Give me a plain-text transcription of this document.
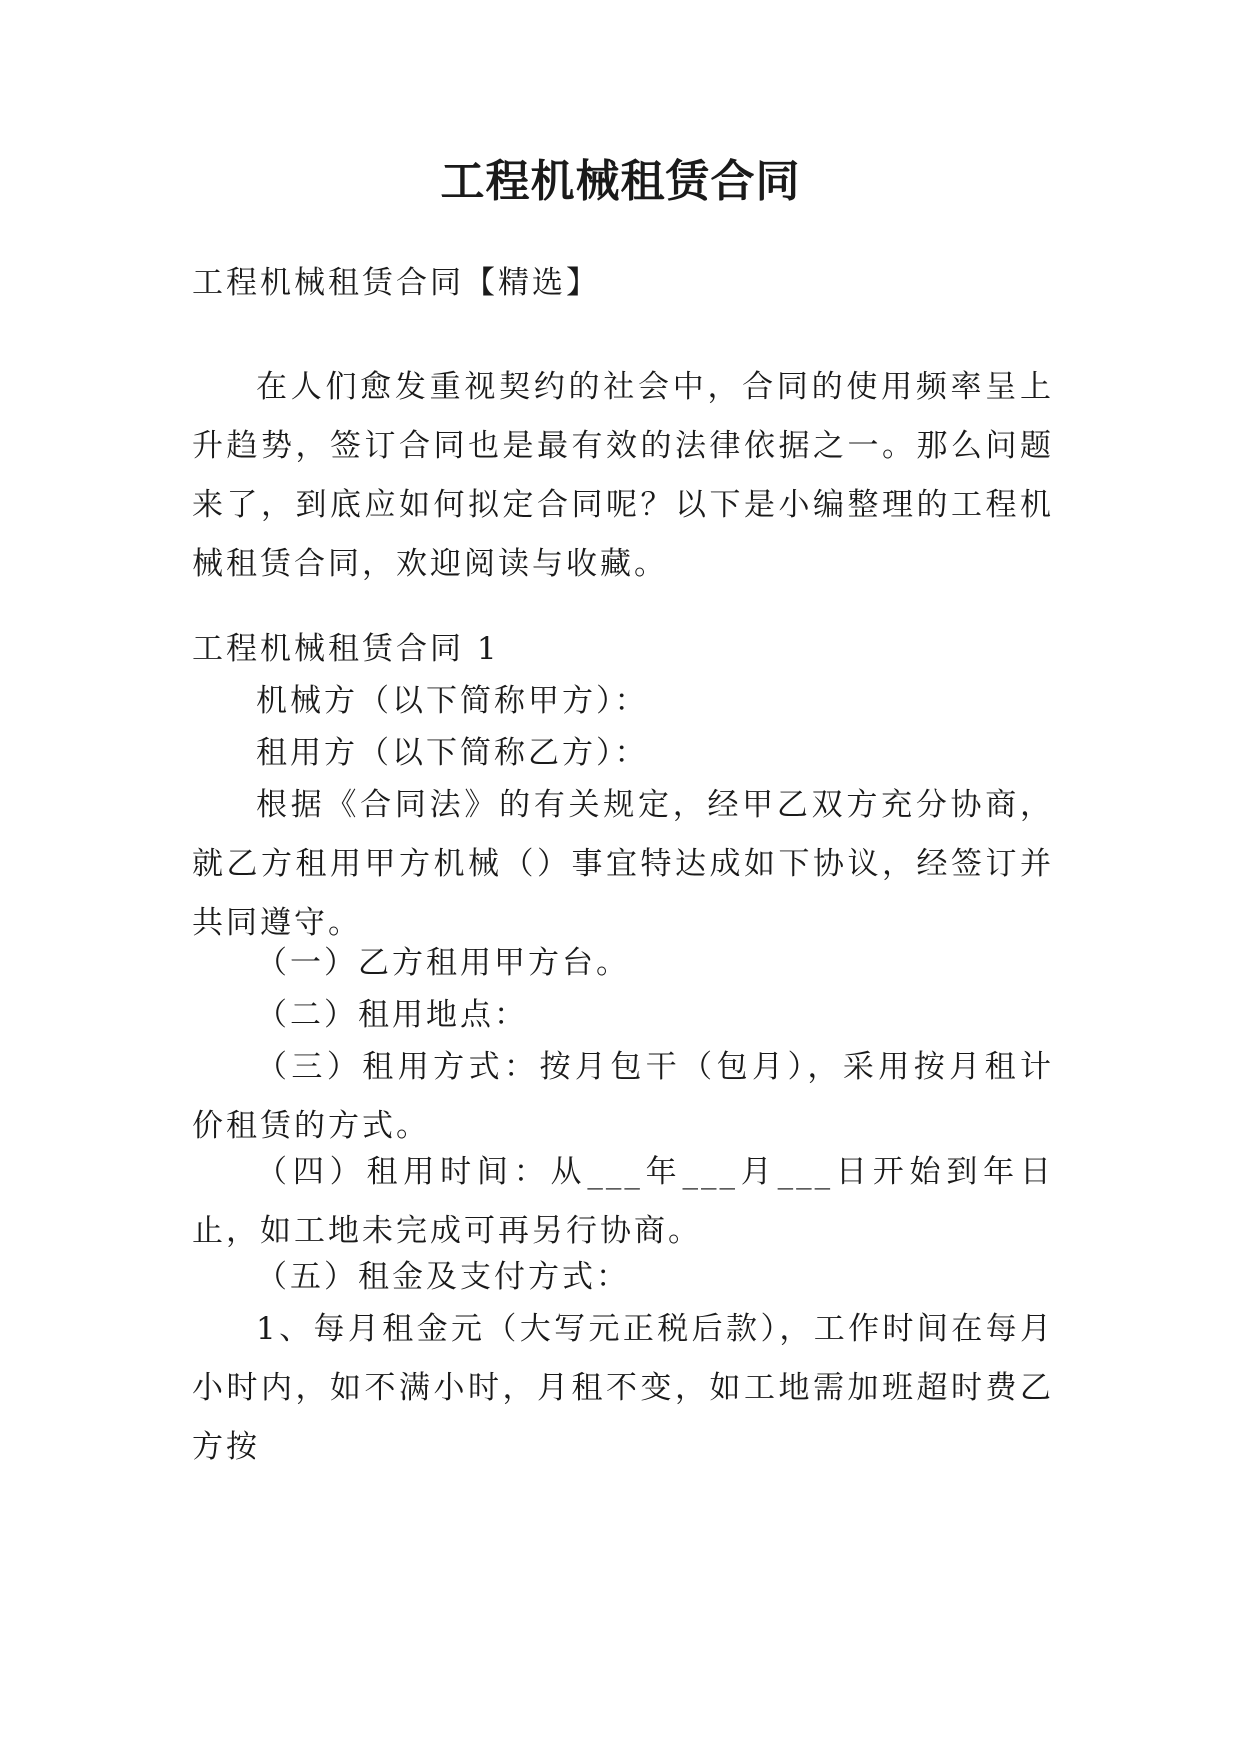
工程机械租赁合同

工程机械租赁合同【精选】

在人们愈发重视契约的社会中，合同的使用频率呈上升趋势，签订合同也是最有效的法律依据之一。那么问题来了，到底应如何拟定合同呢？以下是小编整理的工程机械租赁合同，欢迎阅读与收藏。

工程机械租赁合同 1

机械方（以下简称甲方）：

租用方（以下简称乙方）：

根据《合同法》的有关规定，经甲乙双方充分协商，就乙方租用甲方机械（）事宜特达成如下协议，经签订并共同遵守。

（一）乙方租用甲方台。

（二）租用地点：

（三）租用方式：按月包干（包月），采用按月租计价租赁的方式。

（四）租用时间：从___年___月___日开始到年日止，如工地未完成可再另行协商。

（五）租金及支付方式：

1、每月租金元（大写元正税后款），工作时间在每月小时内，如不满小时，月租不变，如工地需加班超时费乙方按
